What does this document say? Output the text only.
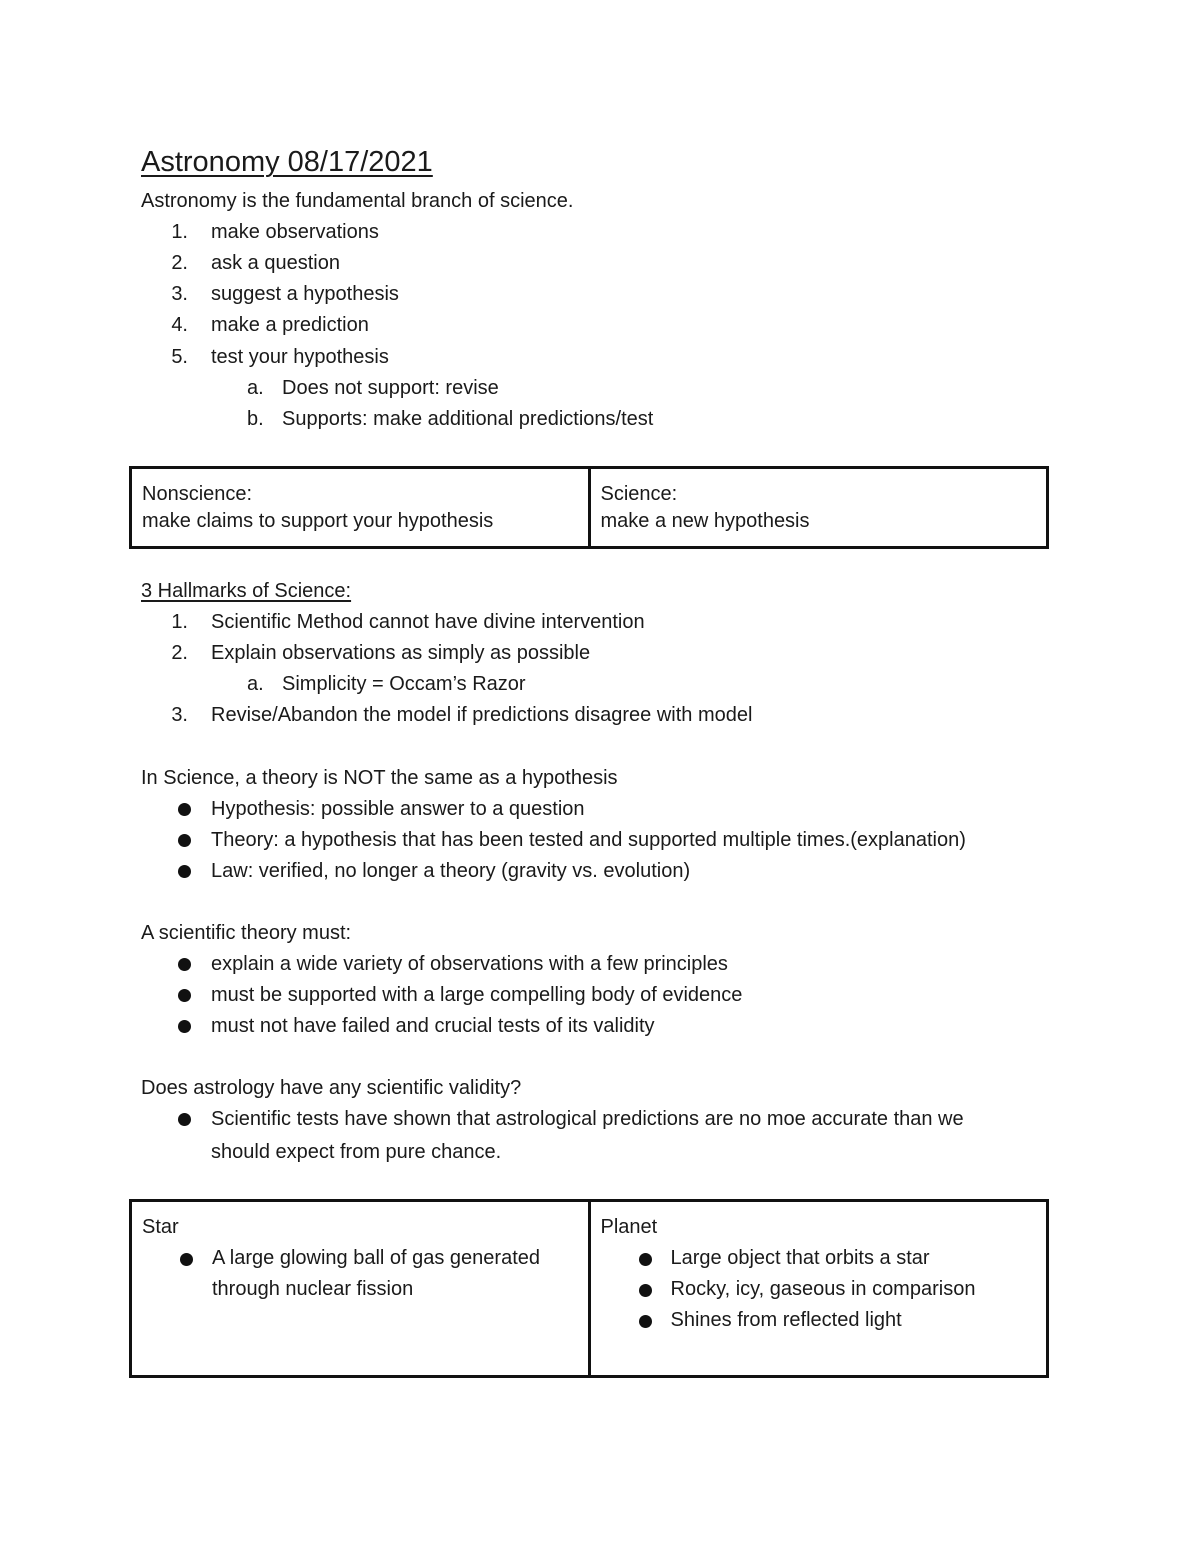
Astronomy 08/17/2021
Astronomy is the fundamental branch of science.
1. make observations
2. ask a question
3. suggest a hypothesis
4. make a prediction
5. test your hypothesis
a. Does not support: revise
b. Supports: make additional predictions/test
Nonscience:
make claims to support your hypothesis

Science:
make a new hypothesis
3 Hallmarks of Science:
1. Scientific Method cannot have divine intervention
2. Explain observations as simply as possible
a. Simplicity = Occam’s Razor
3. Revise/Abandon the model if predictions disagree with model
In Science, a theory is NOT the same as a hypothesis
Hypothesis: possible answer to a question
Theory: a hypothesis that has been tested and supported multiple times.(explanation)
Law: verified, no longer a theory (gravity vs. evolution)
A scientific theory must:
explain a wide variety of observations with a few principles
must be supported with a large compelling body of evidence
must not have failed and crucial tests of its validity
Does astrology have any scientific validity?
Scientific tests have shown that astrological predictions are no moe accurate than we
should expect from pure chance.
Star
A large glowing ball of gas generated
through nuclear fission

Planet
Large object that orbits a star
Rocky, icy, gaseous in comparison
Shines from reflected light
